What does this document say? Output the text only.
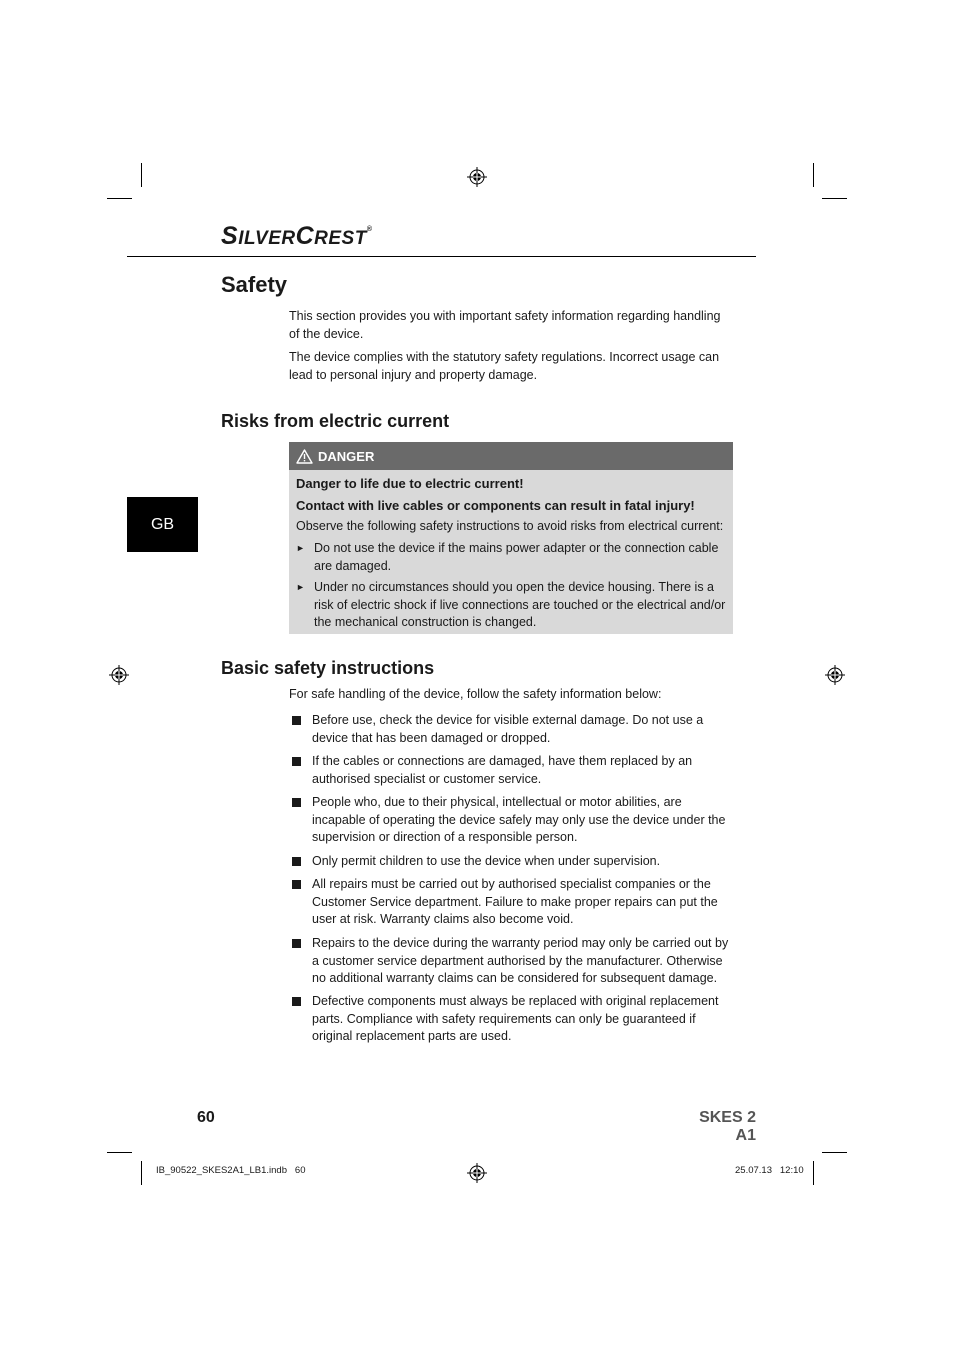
SILVERCREST®
GB
Safety

This section provides you with important safety information regarding handling of the device.

The device complies with the statutory safety regulations. Incorrect usage can lead to personal injury and property damage.

Risks from electric current
DANGER

Danger to life due to electric current!

Contact with live cables or components can result in fatal injury!

Observe the following safety instructions to avoid risks from electrical current:

► Do not use the device if the mains power adapter or the connection cable are damaged.
► Under no circumstances should you open the device housing. There is a risk of electric shock if live connections are touched or the electrical and/or the mechanical construction is changed.
Basic safety instructions

For safe handling of the device, follow the safety information below:

Before use, check the device for visible external damage. Do not use a device that has been damaged or dropped.
If the cables or connections are damaged, have them replaced by an authorised specialist or customer service.
People who, due to their physical, intellectual or motor abilities, are incapable of operating the device safely may only use the device under the supervision or direction of a responsible person.
Only permit children to use the device when under supervision.
All repairs must be carried out by authorised specialist companies or the Customer Service department. Failure to make proper repairs can put the user at risk. Warranty claims also become void.
Repairs to the device during the warranty period may only be carried out by a customer service department authorised by the manufacturer. Otherwise no additional warranty claims can be considered for subsequent damage.
Defective components must always be replaced with original replacement parts. Compliance with safety requirements can only be guaranteed if original replacement parts are used.
60	SKES 2 A1
IB_90522_SKES2A1_LB1.indb   60	25.07.13   12:10
